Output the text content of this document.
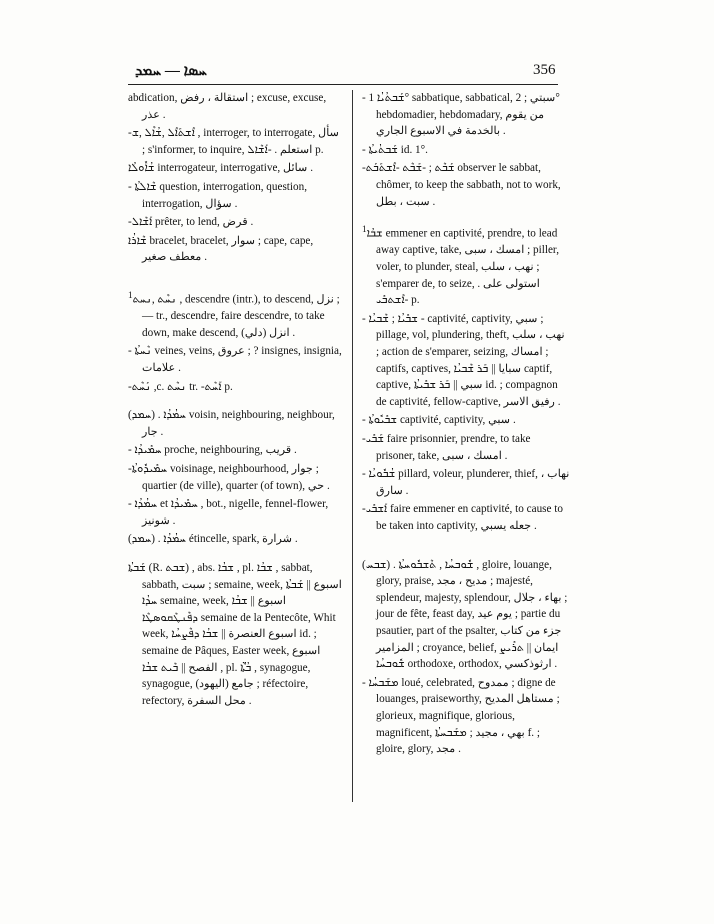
ܚܣܐ — ܚܡܕ	356
abdication, استقالة ، رفض ; excuse, excuse, عذر .
-ܐܶܫܬܰܐܶܠ ,ܫܳܐܶܠ ,ܫ , interroger, to interrogate, سأل ; s'informer, to inquire, استعلم . -ܐܰܫܶܐܠ p.
ܫܳܐܽܘܠܳܐ interrogateur, interrogative, سائل .
- ܫܶܐܠܬܳܐ question, interrogation, question, interrogation, سؤال .
-ܐܰܫܶܐܠ prêter, to lend, قرض .
ܫܶܐܪܳܐ bracelet, bracelet, سوار ; cape, cape, معطف صغير .
$^1$ܢܚܶܬ ,ܢܚܬ , descendre (intr.), to descend, نزل ; — tr., descendre, faire descendre, to take down, make descend, (دلي) انزل .
- ܢܶܚܬܳܐ veines, veins, عروق ; ? insignes, insignia, علامات .
-ܢܰܚܶܬ ,c. ܢܚܶܬ tr. -ܐܰܚܶܬ p.
(ܚܡܕ) . ܚܡܳܕܳܐ voisin, neighbouring, neighbour, جار .
- ܚܡܺܝܕܳܐ proche, neighbouring, قريب .
-ܚܡܺܝܕܽܘܬܳܐ voisinage, neighbourhood, جوار ; quartier (de ville), quarter (of town), حي .
- ܚܡܳܕܳܐ et ܚܡܺܝܕܳܐ , bot., nigelle, fennel-flower, شونيز .
(ܚܡܕ) . ܚܡܳܕܳܐ étincelle, spark, شرارة .
ܫܰܒܬܳܐ (R. ܫܒܬ) , abs. ܫܒܳܐ , pl. ܫܒܳܐ , sabbat, sabbath, سبت ; semaine, week, اسبوع || ܫܰܒܬܳܐ ܚܕܳܐ semaine, week, اسبوع || ܫܒܳܐ ܕܦܶܢܛܶܩܘܣܛܶܐ semaine de la Pentecôte, Whit week, اسبوع العنصرة || ܫܒܳܐ ܕܦܶܨܚܳܐ id. ; semaine de Pâques, Easter week, اسبوع الفصح || ܒܶܝܬ ܫܒܳܐ , pl. ܒܳܬ̈ܶܐ , synagogue, synagogue, (اليهود) جامع ; réfectoire, refectory, محل السفرة .
- ܫܰܒܬܳܝܳܐ 1° sabbatique, sabbatical, سبتي ; 2° hebdomadier, hebdomadary, من يقوم بالخدمة في الاسبوع الجاري .
- ܫܰܒܬܳܝܬܳܐ id. 1°.
-ܫܰܒܶܬ ; -ܫܰܒܶܬ -ܐܶܫܬܰܒܰܬ observer le sabbat, chômer, to keep the sabbath, not to work, سبت ، بطل .
$^1$ܫܒܳܐ emmener en captivité, prendre, to lead away captive, take, امسك ، سبى ; piller, voler, to plunder, steal, نهب ، سلب ; s'emparer de, to seize, استولى على . -ܐܶܫܬܒܺܝ p.
- ܫܒܺܝܳܐ ; ܫܶܒܝܳܐ - captivité, captivity, سبي ; pillage, vol, plundering, theft, نهب ، سلب ; action de s'emparer, seizing, امساك ; captifs, captives, سبايا || ܒܰܪ ܫܶܒܝܳܐ captif, captive, سبي || ܒܰܪ ܫܒܺܝܬܳܐ id. ; compagnon de captivité, fellow-captive, رفيق الاسر .
- ܫܒܺܝܽܘܬܳܐ captivité, captivity, سبي .
-ܫܰܒܺܝ faire prisonnier, prendre, to take prisoner, take, امسك ، سبى .
- ܫܳܒܽܘܝܳܐ pillard, voleur, plunderer, thief, نهاب ، سارق .
-ܐܰܫܒܺܝ faire emmener en captivité, to cause to be taken into captivity, جعله يسبي .
(ܫܒܚ) . ܫܽܘܒܚܳܐ , ܬܶܫܒܽܘܚܬܳܐ , gloire, louange, glory, praise, مديح ، مجد ; majesté, splendeur, majesty, splendour, بهاء ، جلال ; jour de fête, feast day, يوم عيد ; partie du psautier, part of the psalter, جزء من كتاب المزامير ; croyance, belief, ايمان || ܬܪܺܝܨ ܫܽܘܒܚܳܐ orthodoxe, orthodox, ارثوذكسي .
- ܡܫܰܒܚܳܐ loué, celebrated, ممدوح ; digne de louanges, praiseworthy, مستاهل المديح ; glorieux, magnifique, glorious, magnificent, بهي ، مجيد ; ܡܫܰܒܚܬܳܐ f. ; gloire, glory, مجد .
